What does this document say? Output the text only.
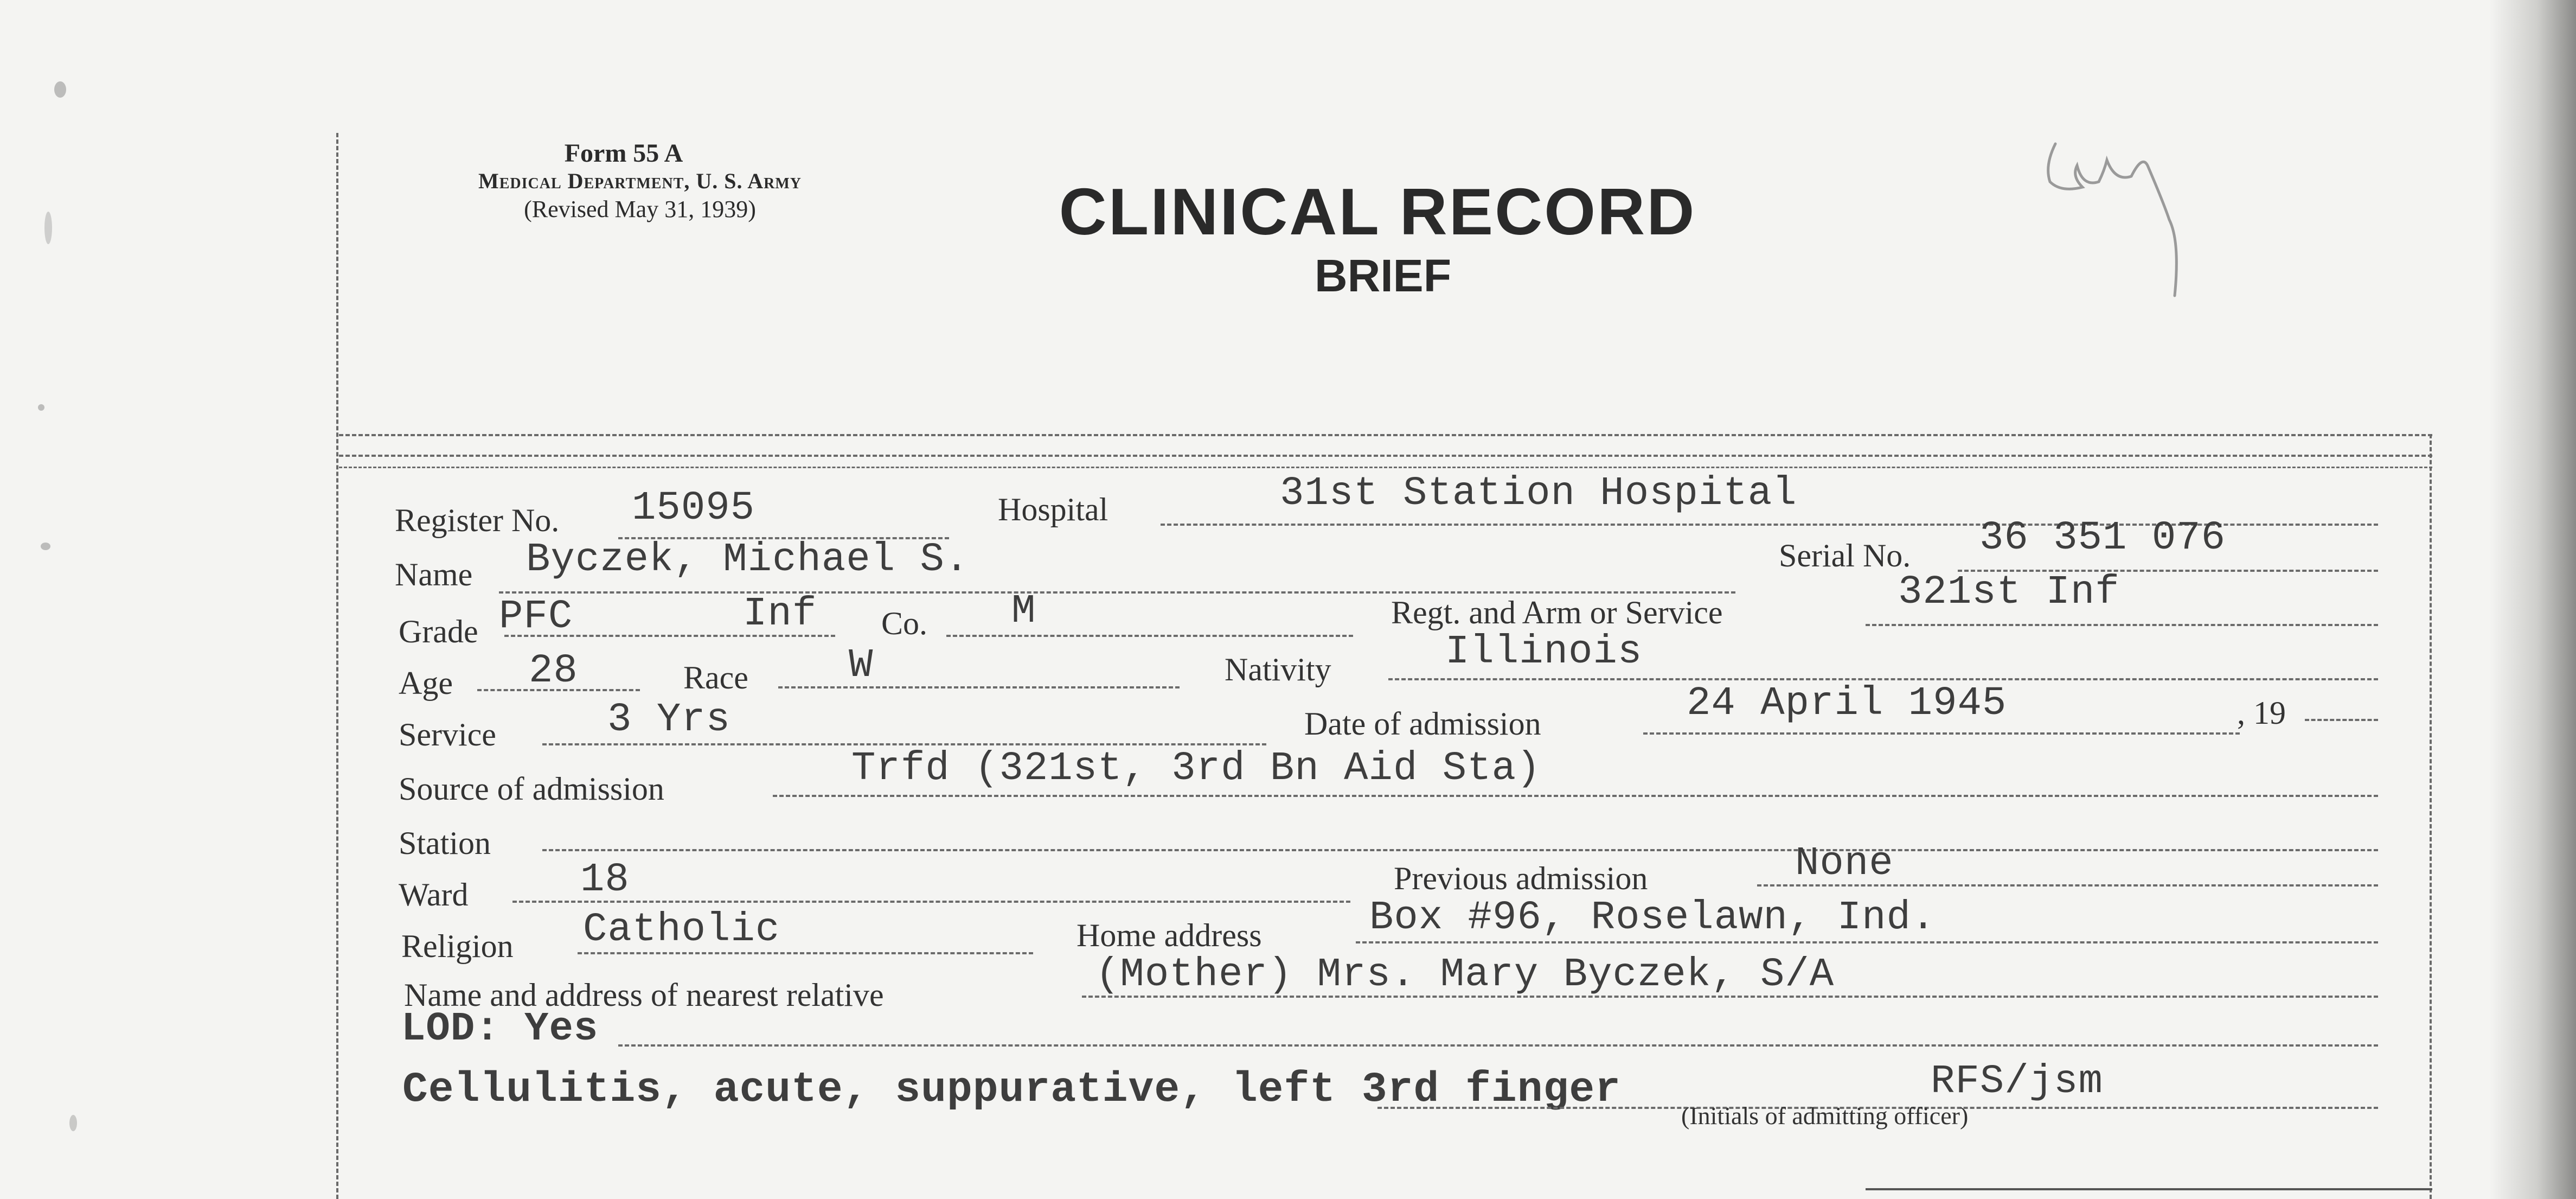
Form 55 A
Medical Department, U. S. Army
(Revised May 31, 1939)	CLINICAL RECORD
BRIEF
Register No. 15095	Hospital	31st Station Hospital
Name Byczek, Michael S.	Serial No. 36 351 076
Grade PFC	Inf Co. M	Regt. and Arm or Service	321st Inf
Age 28	Race	W	Nativity	Illinois
Service	3 Yrs	Date of admission	24 April 1945	, 19
Source of admission	Trfd (321st, 3rd Bn Aid Sta)
Station
Ward	18	Previous admission	None
Religion Catholic	Home address	Box #96, Roselawn, Ind.
Name and address of nearest relative	(Mother) Mrs. Mary Byczek, S/A
LOD: Yes
Cellulitis, acute, suppurative, left 3rd finger	RFS/jsm
(Initials of admitting officer)
